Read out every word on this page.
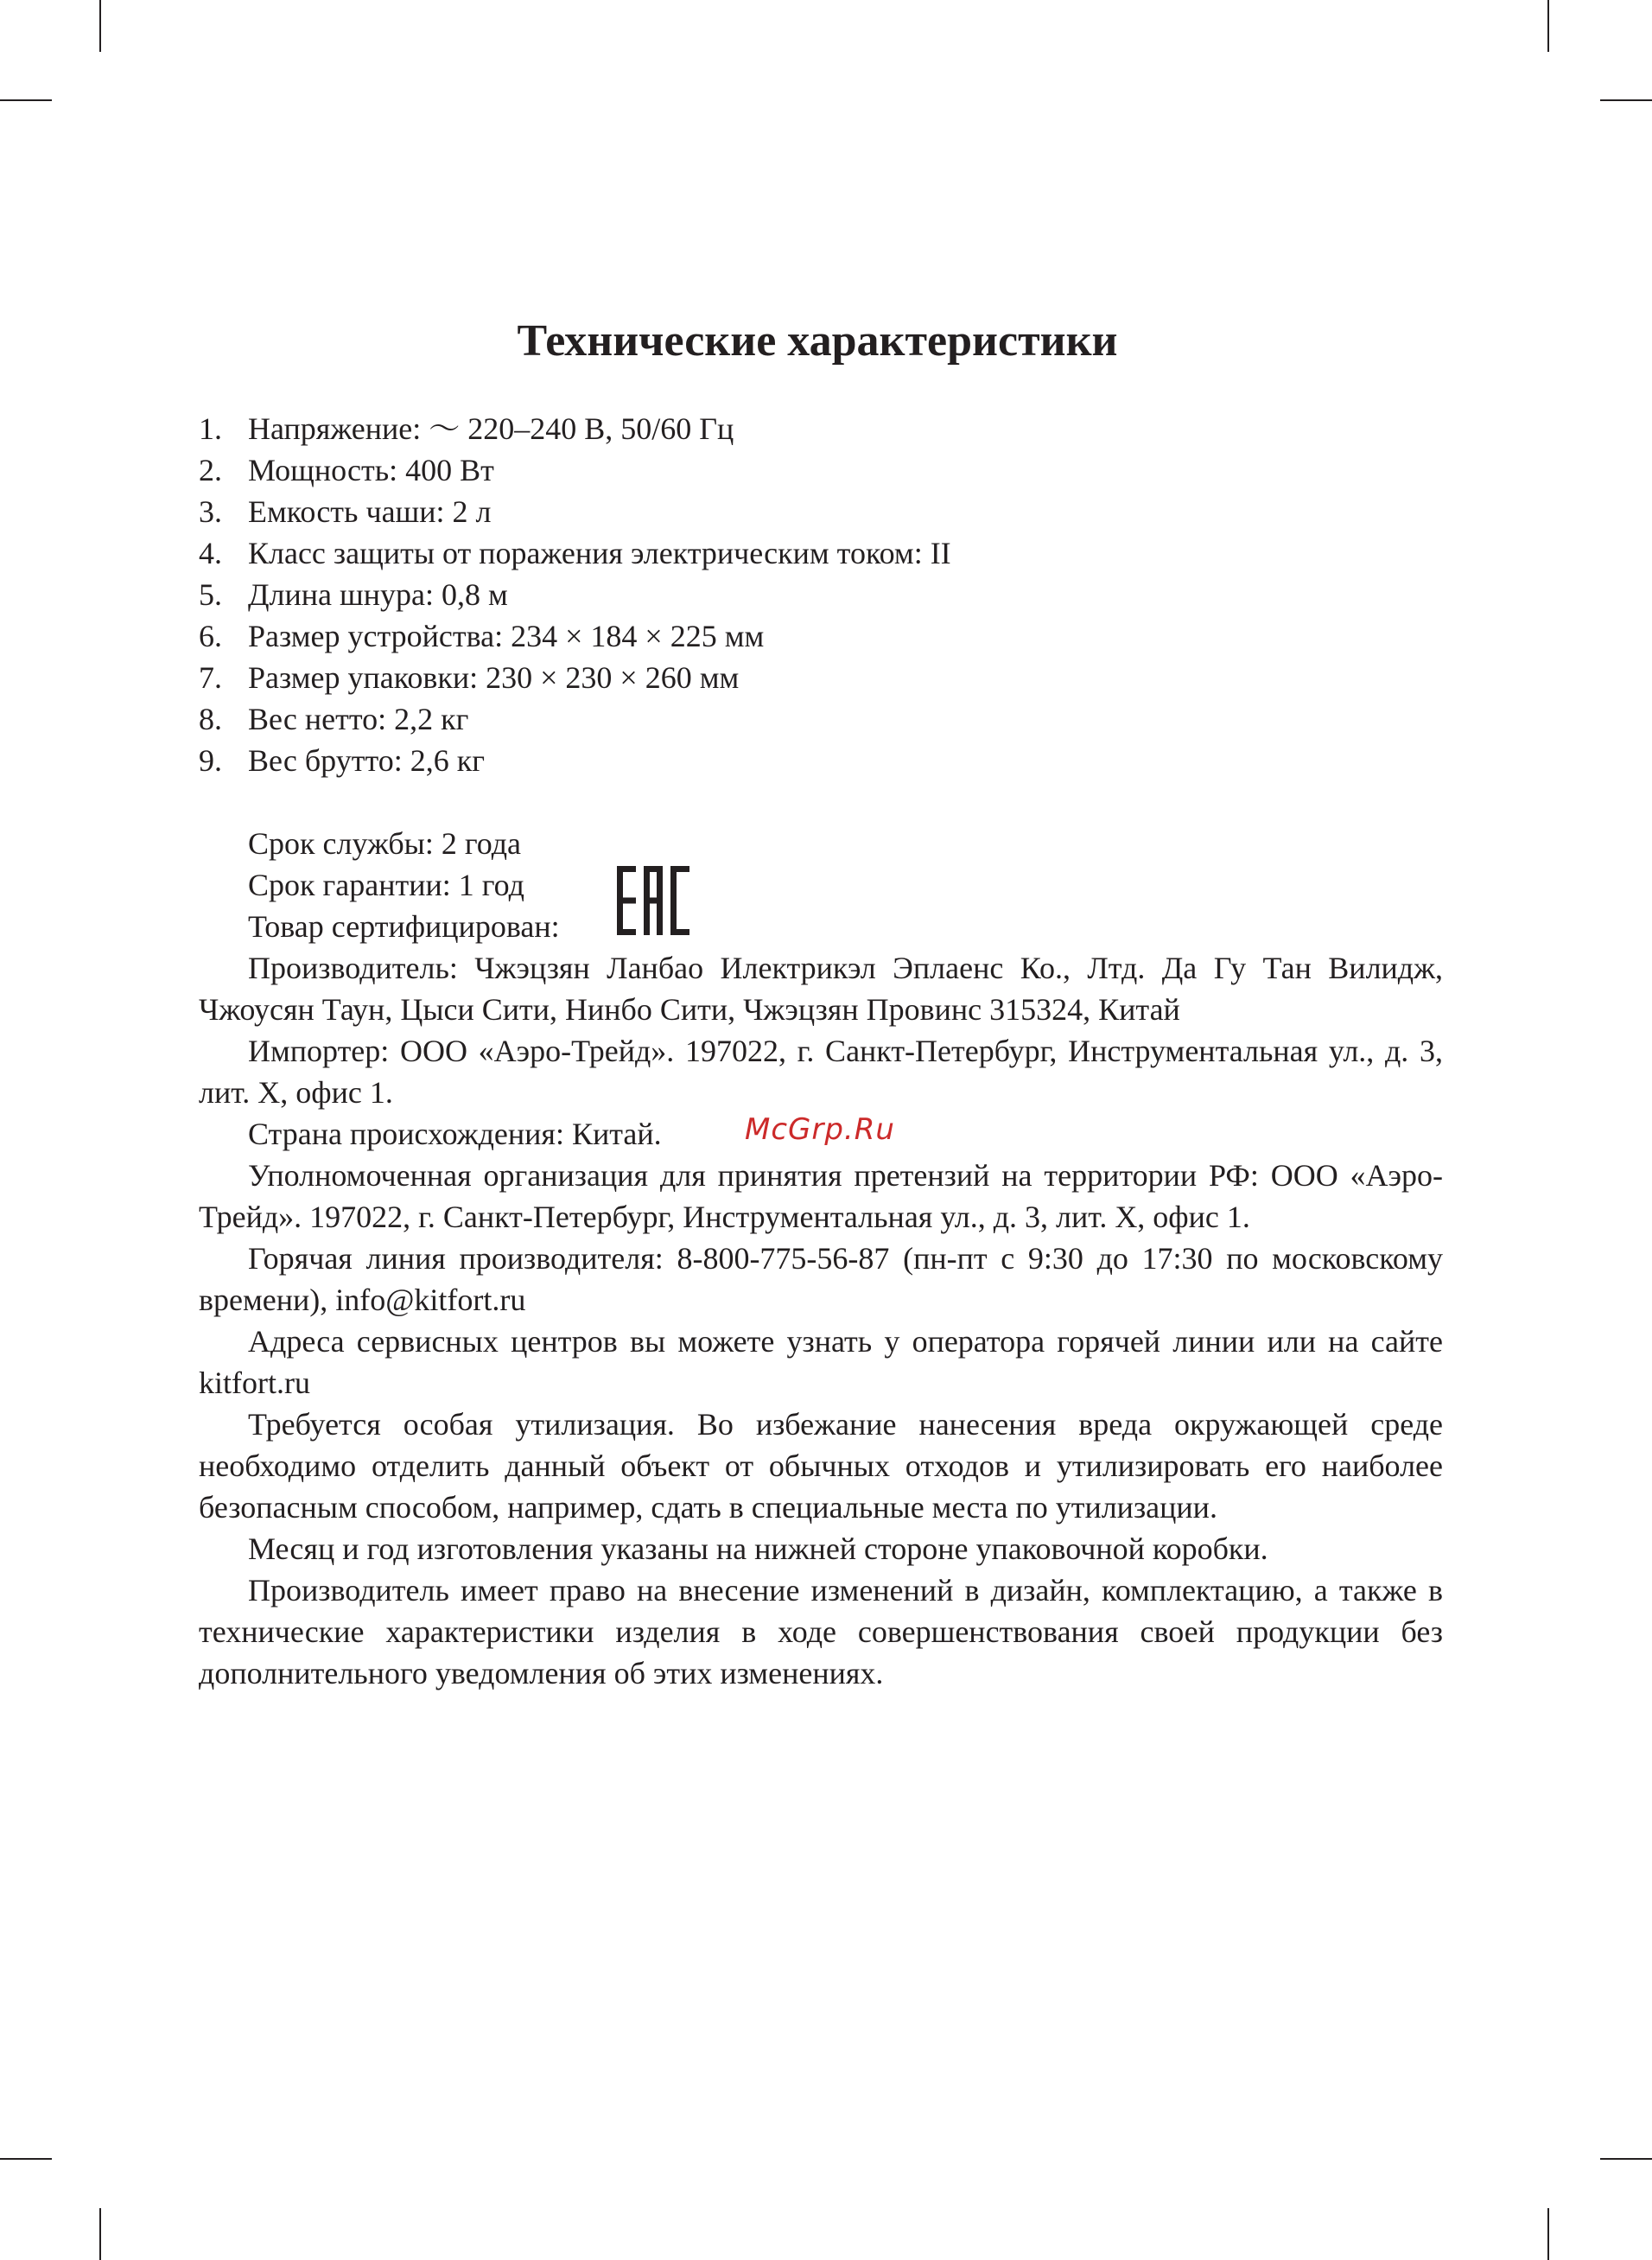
Технические характеристики
1. Напряжение: ～ 220–240 В, 50/60 Гц
2. Мощность: 400 Вт
3. Емкость чаши: 2 л
4. Класс защиты от поражения электрическим током: II
5. Длина шнура: 0,8 м
6. Размер устройства: 234 × 184 × 225 мм
7. Размер упаковки: 230 × 230 × 260 мм
8. Вес нетто: 2,2 кг
9. Вес брутто: 2,6 кг

Срок службы: 2 года

Срок гарантии: 1 год

Товар сертифицирован:

Производитель: Чжэцзян Ланбао Илектрикэл Эплаенс Ко., Лтд. Да Гу Тан Вилидж, Чжоусян Таун, Цыси Сити, Нинбо Сити, Чжэцзян Провинс 315324, Китай

Импортер: ООО «Аэро-Трейд». 197022, г. Санкт-Петербург, Инструментальная ул., д. 3, лит. Х, офис 1.

Страна происхождения: Китай.

Уполномоченная организация для принятия претензий на территории РФ: ООО «Аэро-Трейд». 197022, г. Санкт-Петербург, Инструментальная ул., д. 3, лит. Х, офис 1.

Горячая линия производителя: 8-800-775-56-87 (пн-пт с 9:30 до 17:30 по московскому времени), info@kitfort.ru

Адреса сервисных центров вы можете узнать у оператора горячей линии или на сайте kitfort.ru

Требуется особая утилизация. Во избежание нанесения вреда окружающей среде необходимо отделить данный объект от обычных отходов и утилизировать его наиболее безопасным способом, например, сдать в специальные места по утилизации.

Месяц и год изготовления указаны на нижней стороне упаковочной коробки.

Производитель имеет право на внесение изменений в дизайн, комплектацию, а также в технические характеристики изделия в ходе совершенствования своей продукции без дополнительного уведомления об этих изменениях.

McGrp.Ru
